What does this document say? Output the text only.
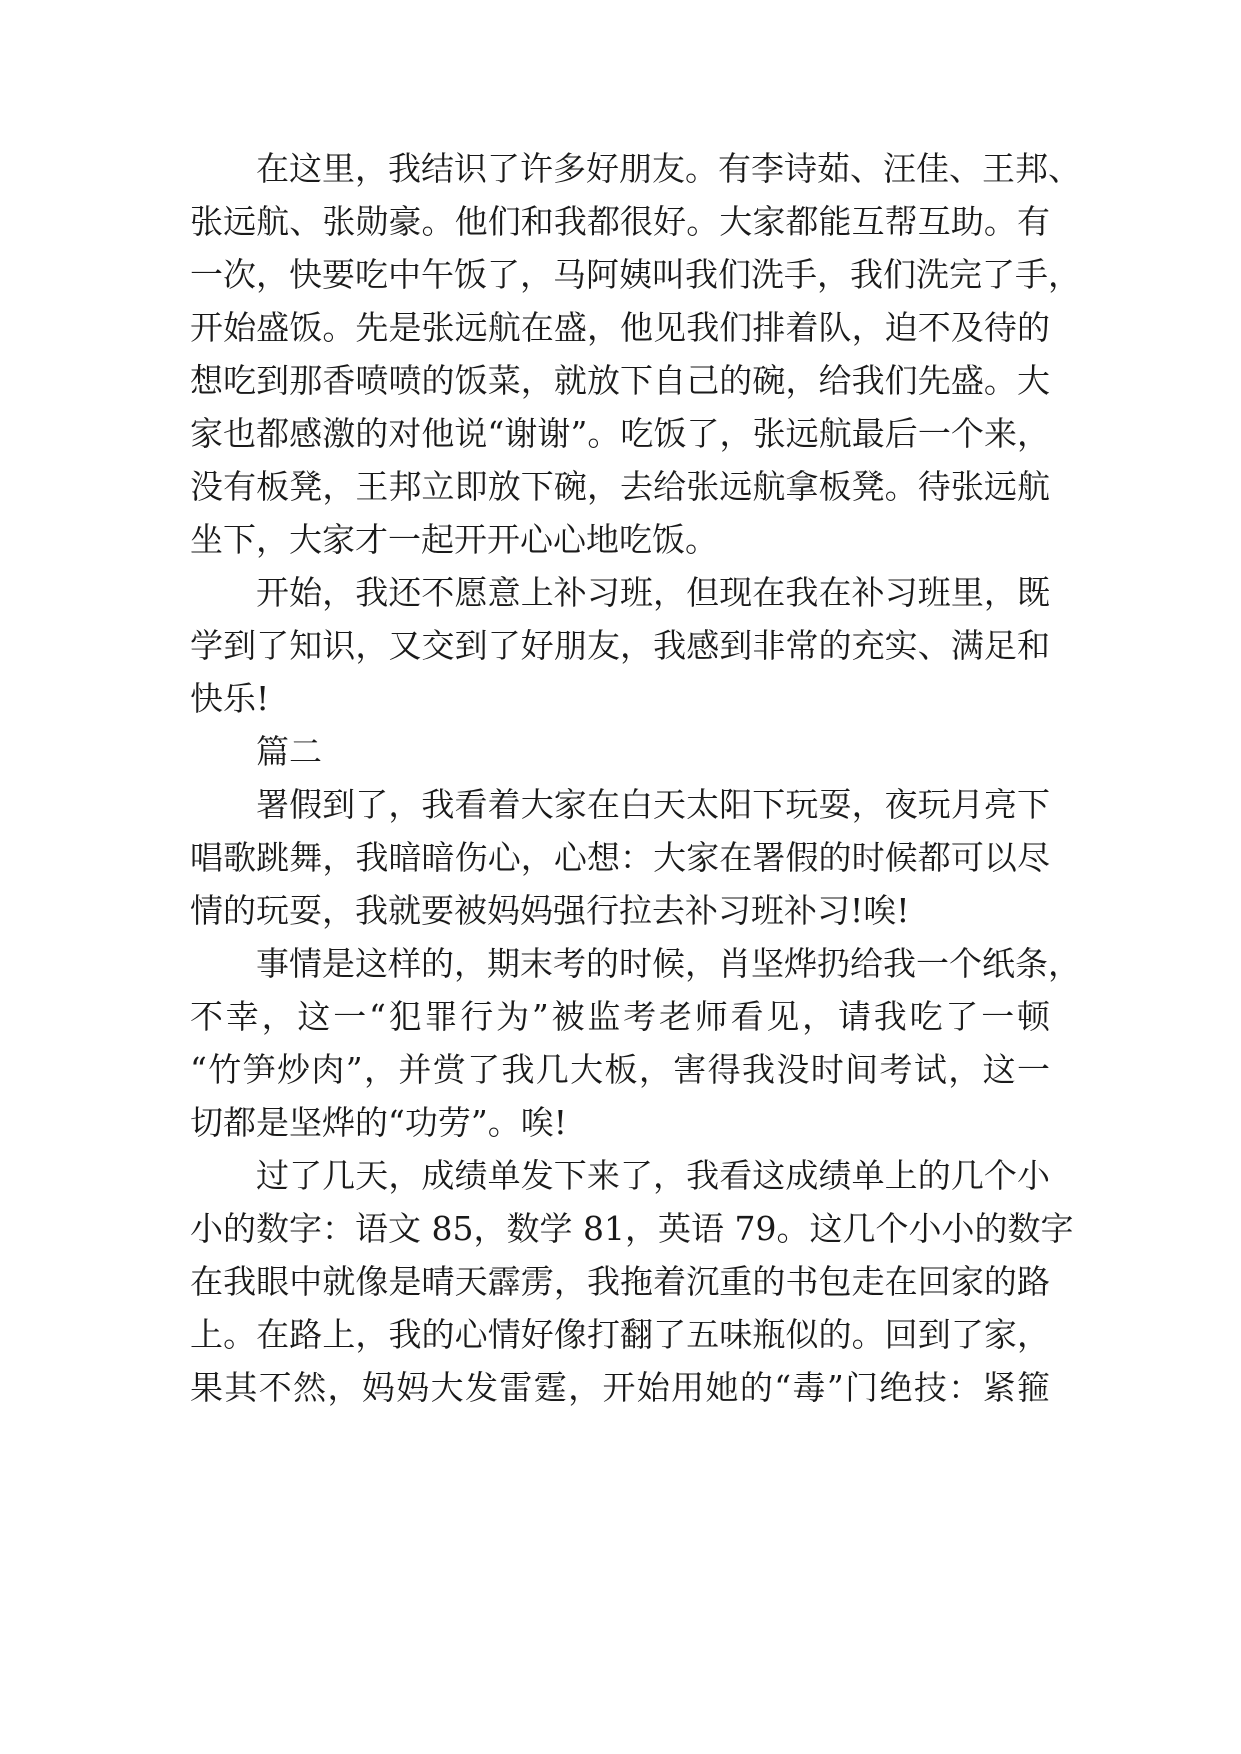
在这里，我结识了许多好朋友。有李诗茹、汪佳、王邦、
张远航、张勋豪。他们和我都很好。大家都能互帮互助。有
一次，快要吃中午饭了，马阿姨叫我们洗手，我们洗完了手，
开始盛饭。先是张远航在盛，他见我们排着队，迫不及待的
想吃到那香喷喷的饭菜，就放下自己的碗，给我们先盛。大
家也都感激的对他说“谢谢”。吃饭了，张远航最后一个来，
没有板凳，王邦立即放下碗，去给张远航拿板凳。待张远航
坐下，大家才一起开开心心地吃饭。
开始，我还不愿意上补习班，但现在我在补习班里，既
学到了知识，又交到了好朋友，我感到非常的充实、满足和
快乐!
篇二
署假到了，我看着大家在白天太阳下玩耍，夜玩月亮下
唱歌跳舞，我暗暗伤心，心想：大家在署假的时候都可以尽
情的玩耍，我就要被妈妈强行拉去补习班补习!唉!
事情是这样的，期末考的时候，肖坚烨扔给我一个纸条，
不幸，这一“犯罪行为”被监考老师看见，请我吃了一顿
“竹笋炒肉”，并赏了我几大板，害得我没时间考试，这一
切都是坚烨的“功劳”。唉!
过了几天，成绩单发下来了，我看这成绩单上的几个小
小的数字：语文 85，数学 81，英语 79。这几个小小的数字
在我眼中就像是晴天霹雳，我拖着沉重的书包走在回家的路
上。在路上，我的心情好像打翻了五味瓶似的。回到了家，
果其不然，妈妈大发雷霆，开始用她的“毒”门绝技：紧箍
